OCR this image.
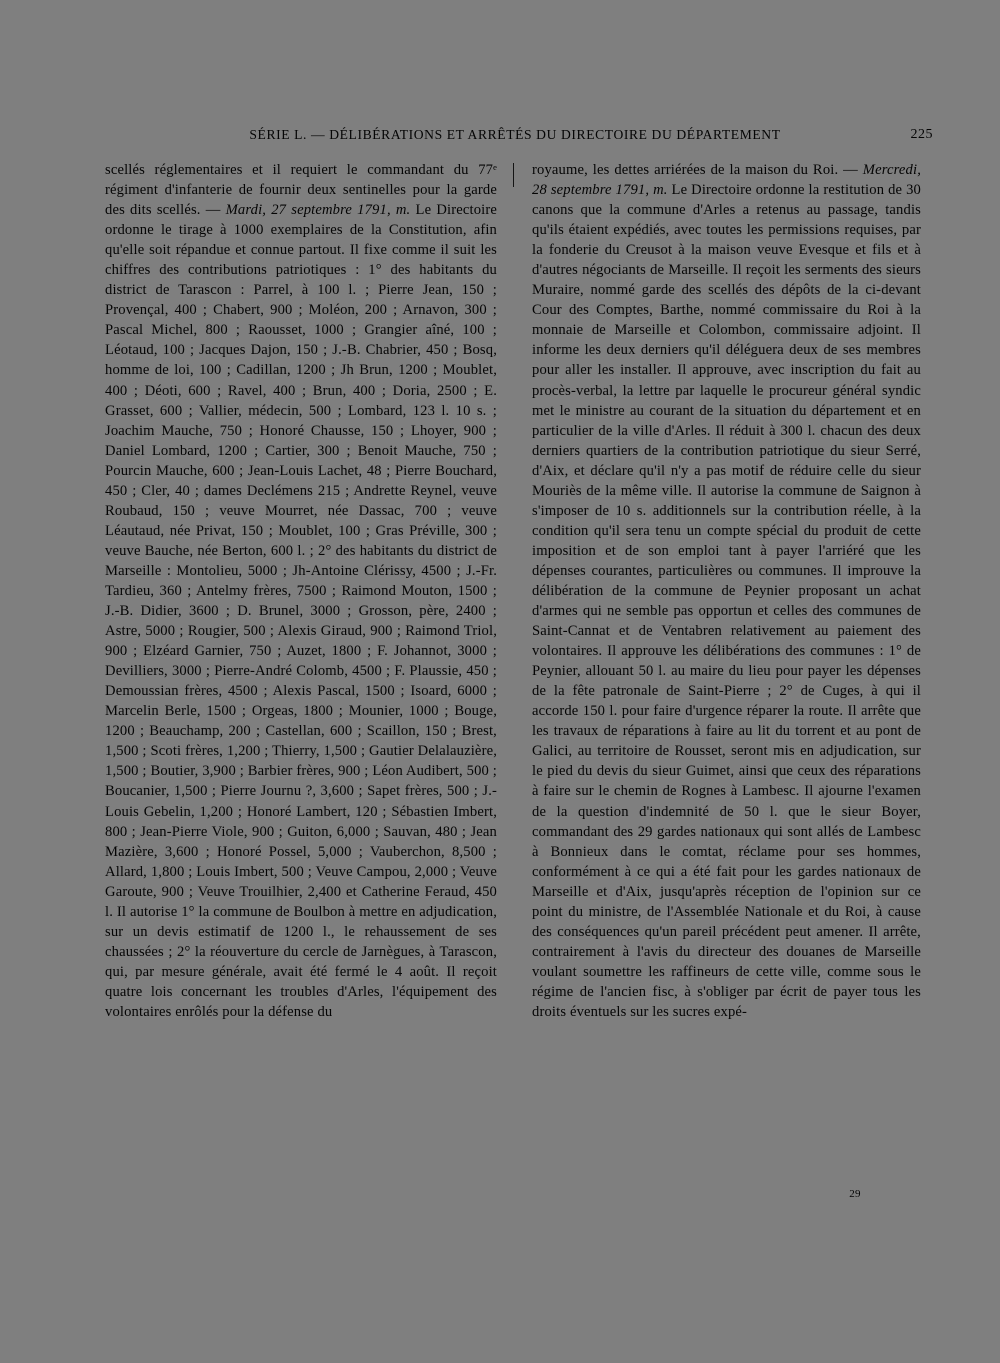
SÉRIE L. — DÉLIBÉRATIONS ET ARRÊTÉS DU DIRECTOIRE DU DÉPARTEMENT	225

scellés réglementaires et il requiert le commandant du 77ᵉ régiment d'infanterie de fournir deux sentinelles pour la garde des dits scellés. — Mardi, 27 septembre 1791, m. Le Directoire ordonne le tirage à 1000 exemplaires de la Constitution, afin qu'elle soit répandue et connue partout. Il fixe comme il suit les chiffres des contributions patriotiques : 1° des habitants du district de Tarascon : Parrel, à 100 l. ; Pierre Jean, 150 ; Provençal, 400 ; Chabert, 900 ; Moléon, 200 ; Arnavon, 300 ; Pascal Michel, 800 ; Raousset, 1000 ; Grangier aîné, 100 ; Léotaud, 100 ; Jacques Dajon, 150 ; J.-B. Chabrier, 450 ; Bosq, homme de loi, 100 ; Cadillan, 1200 ; Jh Brun, 1200 ; Moublet, 400 ; Déoti, 600 ; Ravel, 400 ; Brun, 400 ; Doria, 2500 ; E. Grasset, 600 ; Vallier, médecin, 500 ; Lombard, 123 l. 10 s. ; Joachim Mauche, 750 ; Honoré Chausse, 150 ; Lhoyer, 900 ; Daniel Lombard, 1200 ; Cartier, 300 ; Benoit Mauche, 750 ; Pourcin Mauche, 600 ; Jean-Louis Lachet, 48 ; Pierre Bouchard, 450 ; Cler, 40 ; dames Declémens 215 ; Andrette Reynel, veuve Roubaud, 150 ; veuve Mourret, née Dassac, 700 ; veuve Léautaud, née Privat, 150 ; Moublet, 100 ; Gras Préville, 300 ; veuve Bauche, née Berton, 600 l. ; 2° des habitants du district de Marseille : Montolieu, 5000 ; Jh-Antoine Clérissy, 4500 ; J.-Fr. Tardieu, 360 ; Antelmy frères, 7500 ; Raimond Mouton, 1500 ; J.-B. Didier, 3600 ; D. Brunel, 3000 ; Grosson, père, 2400 ; Astre, 5000 ; Rougier, 500 ; Alexis Giraud, 900 ; Raimond Triol, 900 ; Elzéard Garnier, 750 ; Auzet, 1800 ; F. Johannot, 3000 ; Devilliers, 3000 ; Pierre-André Colomb, 4500 ; F. Plaussie, 450 ; Demoussian frères, 4500 ; Alexis Pascal, 1500 ; Isoard, 6000 ; Marcelin Berle, 1500 ; Orgeas, 1800 ; Mounier, 1000 ; Bouge, 1200 ; Beauchamp, 200 ; Castellan, 600 ; Scaillon, 150 ; Brest, 1,500 ; Scoti frères, 1,200 ; Thierry, 1,500 ; Gautier Delalauzière, 1,500 ; Boutier, 3,900 ; Barbier frères, 900 ; Léon Audibert, 500 ; Boucanier, 1,500 ; Pierre Journu ?, 3,600 ; Sapet frères, 500 ; J.-Louis Gebelin, 1,200 ; Honoré Lambert, 120 ; Sébastien Imbert, 800 ; Jean-Pierre Viole, 900 ; Guiton, 6,000 ; Sauvan, 480 ; Jean Mazière, 3,600 ; Honoré Possel, 5,000 ; Vauberchon, 8,500 ; Allard, 1,800 ; Louis Imbert, 500 ; Veuve Campou, 2,000 ; Veuve Garoute, 900 ; Veuve Trouilhier, 2,400 et Catherine Feraud, 450 l. Il autorise 1° la commune de Boulbon à mettre en adjudication, sur un devis estimatif de 1200 l., le rehaussement de ses chaussées ; 2° la réouverture du cercle de Jarnègues, à Tarascon, qui, par mesure générale, avait été fermé le 4 août. Il reçoit quatre lois concernant les troubles d'Arles, l'équipement des volontaires enrôlés pour la défense du

royaume, les dettes arriérées de la maison du Roi. — Mercredi, 28 septembre 1791, m. Le Directoire ordonne la restitution de 30 canons que la commune d'Arles a retenus au passage, tandis qu'ils étaient expédiés, avec toutes les permissions requises, par la fonderie du Creusot à la maison veuve Evesque et fils et à d'autres négociants de Marseille. Il reçoit les serments des sieurs Muraire, nommé garde des scellés des dépôts de la ci-devant Cour des Comptes, Barthe, nommé commissaire du Roi à la monnaie de Marseille et Colombon, commissaire adjoint. Il informe les deux derniers qu'il déléguera deux de ses membres pour aller les installer. Il approuve, avec inscription du fait au procès-verbal, la lettre par laquelle le procureur général syndic met le ministre au courant de la situation du département et en particulier de la ville d'Arles. Il réduit à 300 l. chacun des deux derniers quartiers de la contribution patriotique du sieur Serré, d'Aix, et déclare qu'il n'y a pas motif de réduire celle du sieur Mouriès de la même ville. Il autorise la commune de Saignon à s'imposer de 10 s. additionnels sur la contribution réelle, à la condition qu'il sera tenu un compte spécial du produit de cette imposition et de son emploi tant à payer l'arriéré que les dépenses courantes, particulières ou communes. Il improuve la délibération de la commune de Peynier proposant un achat d'armes qui ne semble pas opportun et celles des communes de Saint-Cannat et de Ventabren relativement au paiement des volontaires. Il approuve les délibérations des communes : 1° de Peynier, allouant 50 l. au maire du lieu pour payer les dépenses de la fête patronale de Saint-Pierre ; 2° de Cuges, à qui il accorde 150 l. pour faire d'urgence réparer la route. Il arrête que les travaux de réparations à faire au lit du torrent et au pont de Galici, au territoire de Rousset, seront mis en adjudication, sur le pied du devis du sieur Guimet, ainsi que ceux des réparations à faire sur le chemin de Rognes à Lambesc. Il ajourne l'examen de la question d'indemnité de 50 l. que le sieur Boyer, commandant des 29 gardes nationaux qui sont allés de Lambesc à Bonnieux dans le comtat, réclame pour ses hommes, conformément à ce qui a été fait pour les gardes nationaux de Marseille et d'Aix, jusqu'après réception de l'opinion sur ce point du ministre, de l'Assemblée Nationale et du Roi, à cause des conséquences qu'un pareil précédent peut amener. Il arrête, contrairement à l'avis du directeur des douanes de Marseille voulant soumettre les raffineurs de cette ville, comme sous le régime de l'ancien fisc, à s'obliger par écrit de payer tous les droits éventuels sur les sucres expé-

29
